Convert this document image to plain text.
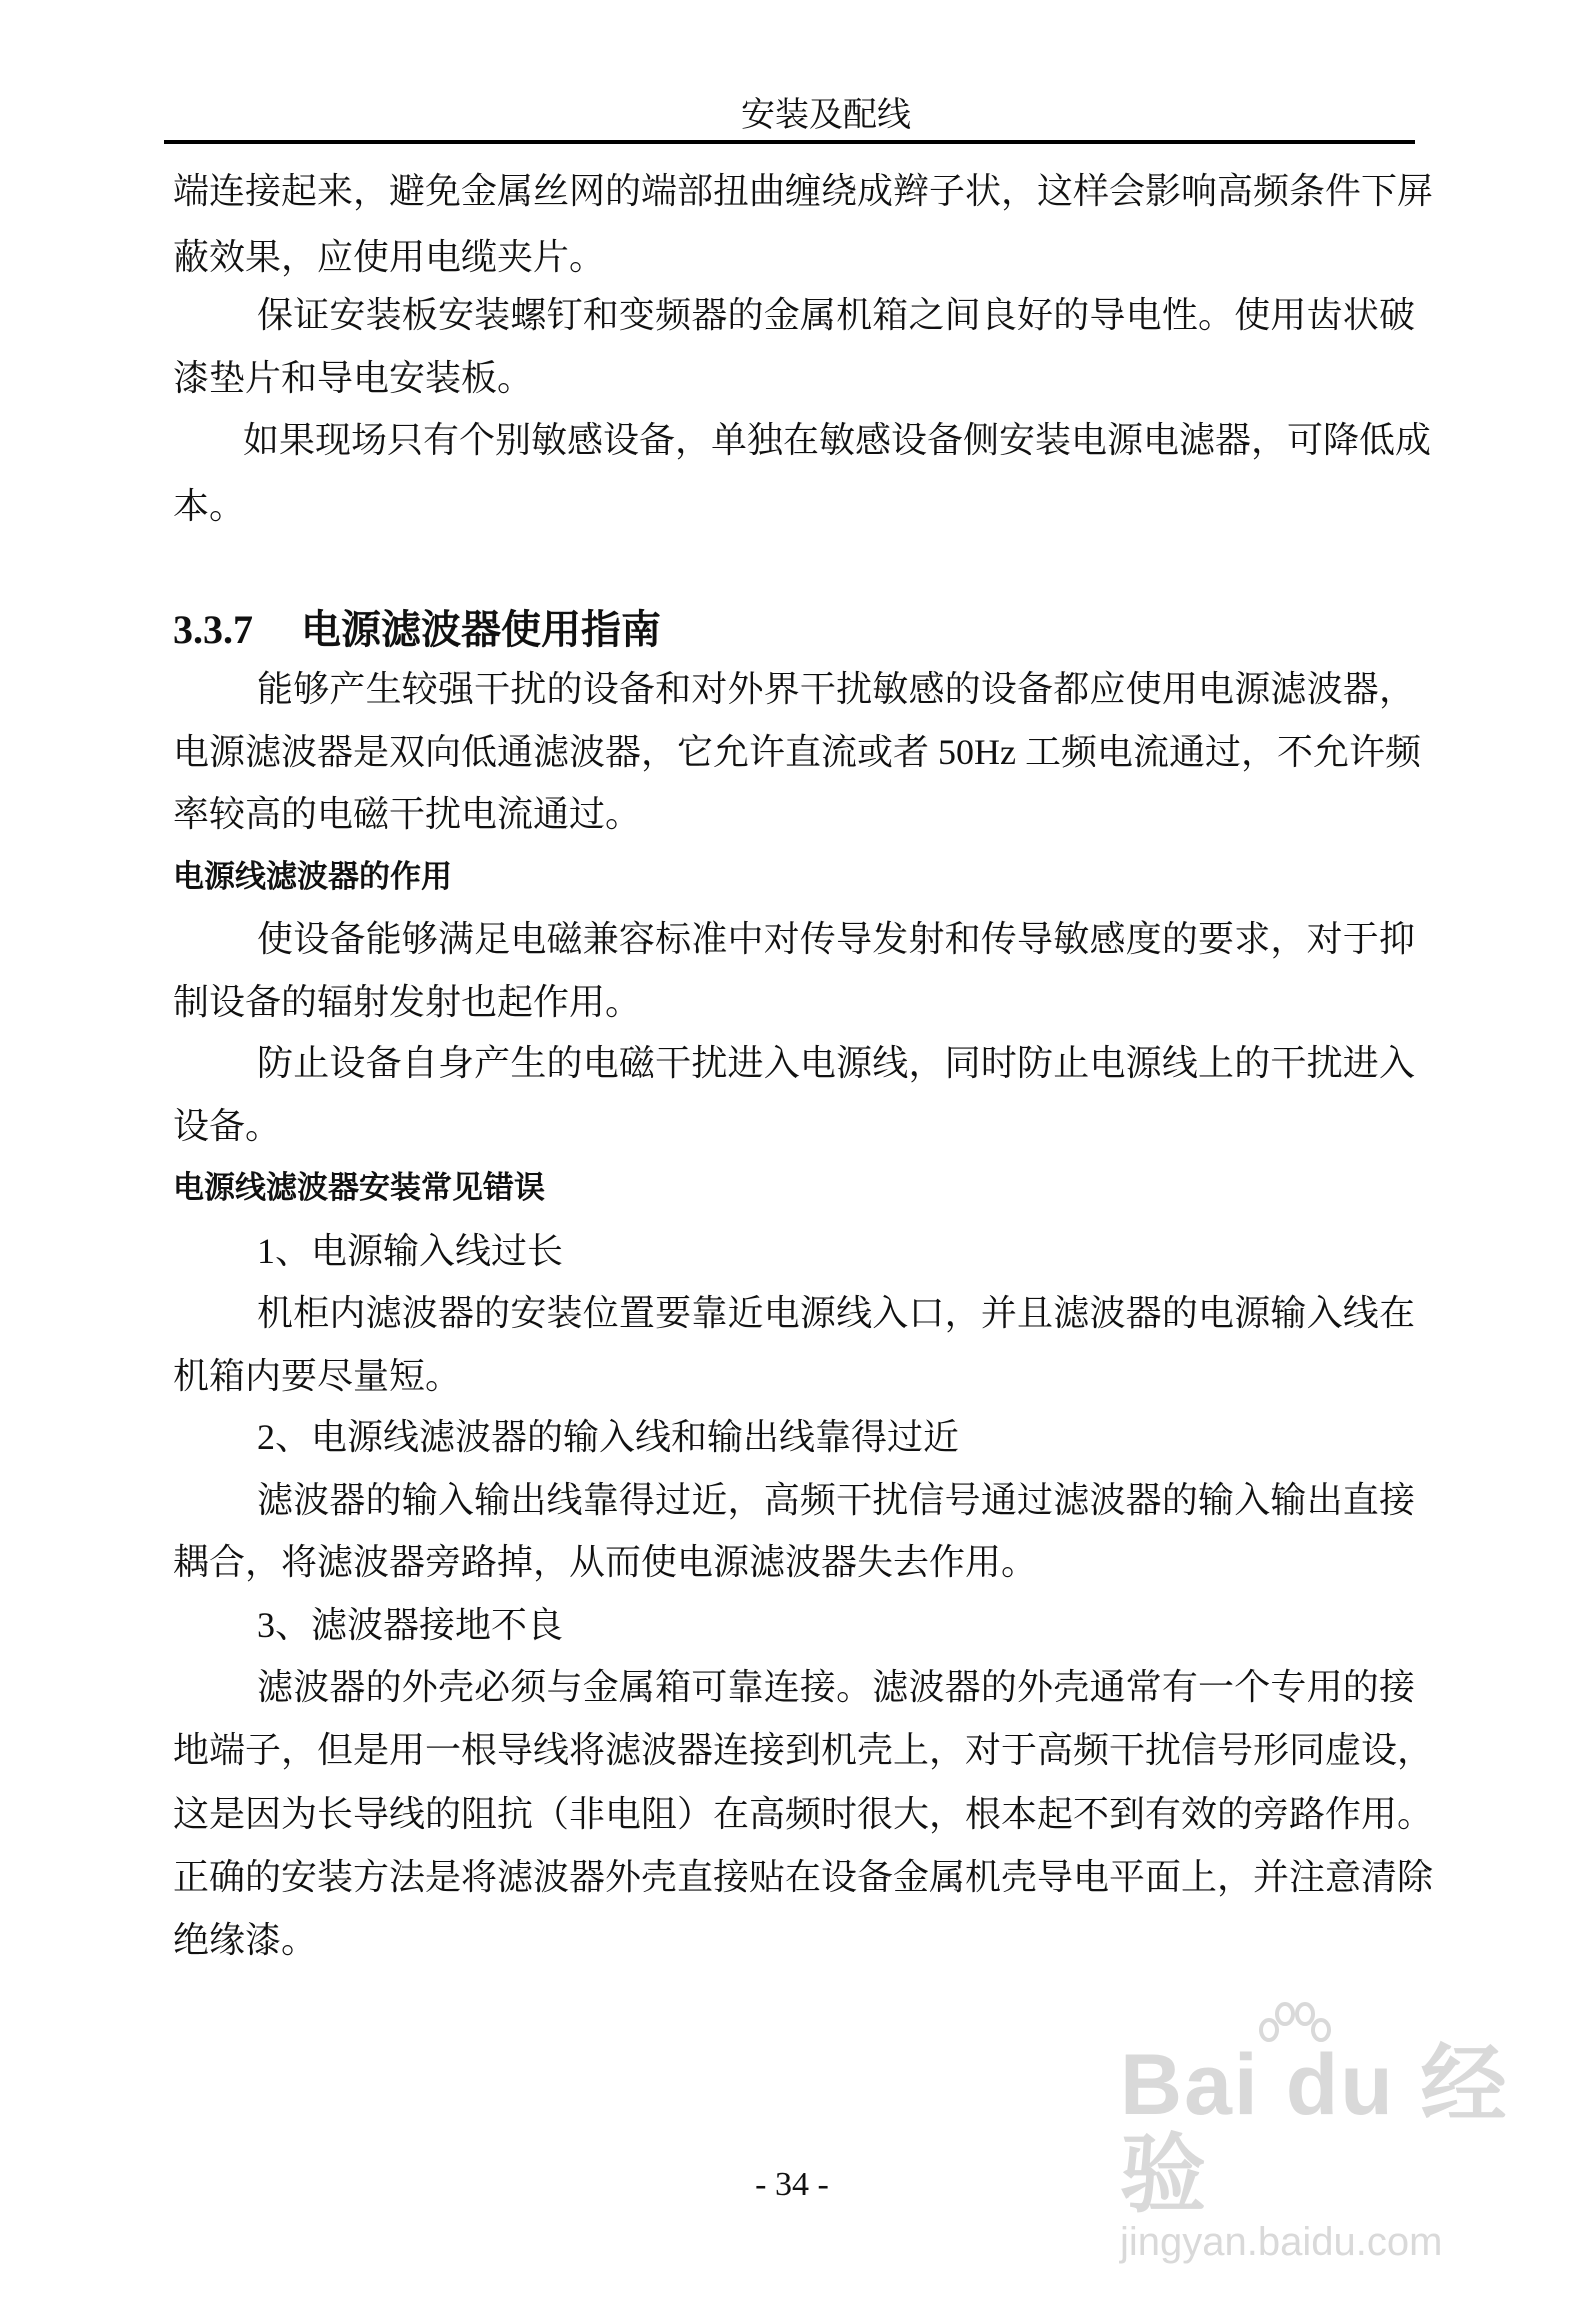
安装及配线
端连接起来，避免金属丝网的端部扭曲缠绕成辫子状，这样会影响高频条件下屏
蔽效果，应使用电缆夹片。
保证安装板安装螺钉和变频器的金属机箱之间良好的导电性。使用齿状破
漆垫片和导电安装板。
如果现场只有个别敏感设备，单独在敏感设备侧安装电源电滤器，可降低成
本。
3.3.7 电源滤波器使用指南
能够产生较强干扰的设备和对外界干扰敏感的设备都应使用电源滤波器，
电源滤波器是双向低通滤波器，它允许直流或者 50Hz 工频电流通过，不允许频
率较高的电磁干扰电流通过。
电源线滤波器的作用
使设备能够满足电磁兼容标准中对传导发射和传导敏感度的要求，对于抑
制设备的辐射发射也起作用。
防止设备自身产生的电磁干扰进入电源线，同时防止电源线上的干扰进入
设备。
电源线滤波器安装常见错误
1、电源输入线过长
机柜内滤波器的安装位置要靠近电源线入口，并且滤波器的电源输入线在
机箱内要尽量短。
2、电源线滤波器的输入线和输出线靠得过近
滤波器的输入输出线靠得过近，高频干扰信号通过滤波器的输入输出直接
耦合，将滤波器旁路掉，从而使电源滤波器失去作用。
3、滤波器接地不良
滤波器的外壳必须与金属箱可靠连接。滤波器的外壳通常有一个专用的接
地端子，但是用一根导线将滤波器连接到机壳上，对于高频干扰信号形同虚设，
这是因为长导线的阻抗（非电阻）在高频时很大，根本起不到有效的旁路作用。
正确的安装方法是将滤波器外壳直接贴在设备金属机壳导电平面上，并注意清除
绝缘漆。
Bai du 经验
jingyan.baidu.com
- 34 -
